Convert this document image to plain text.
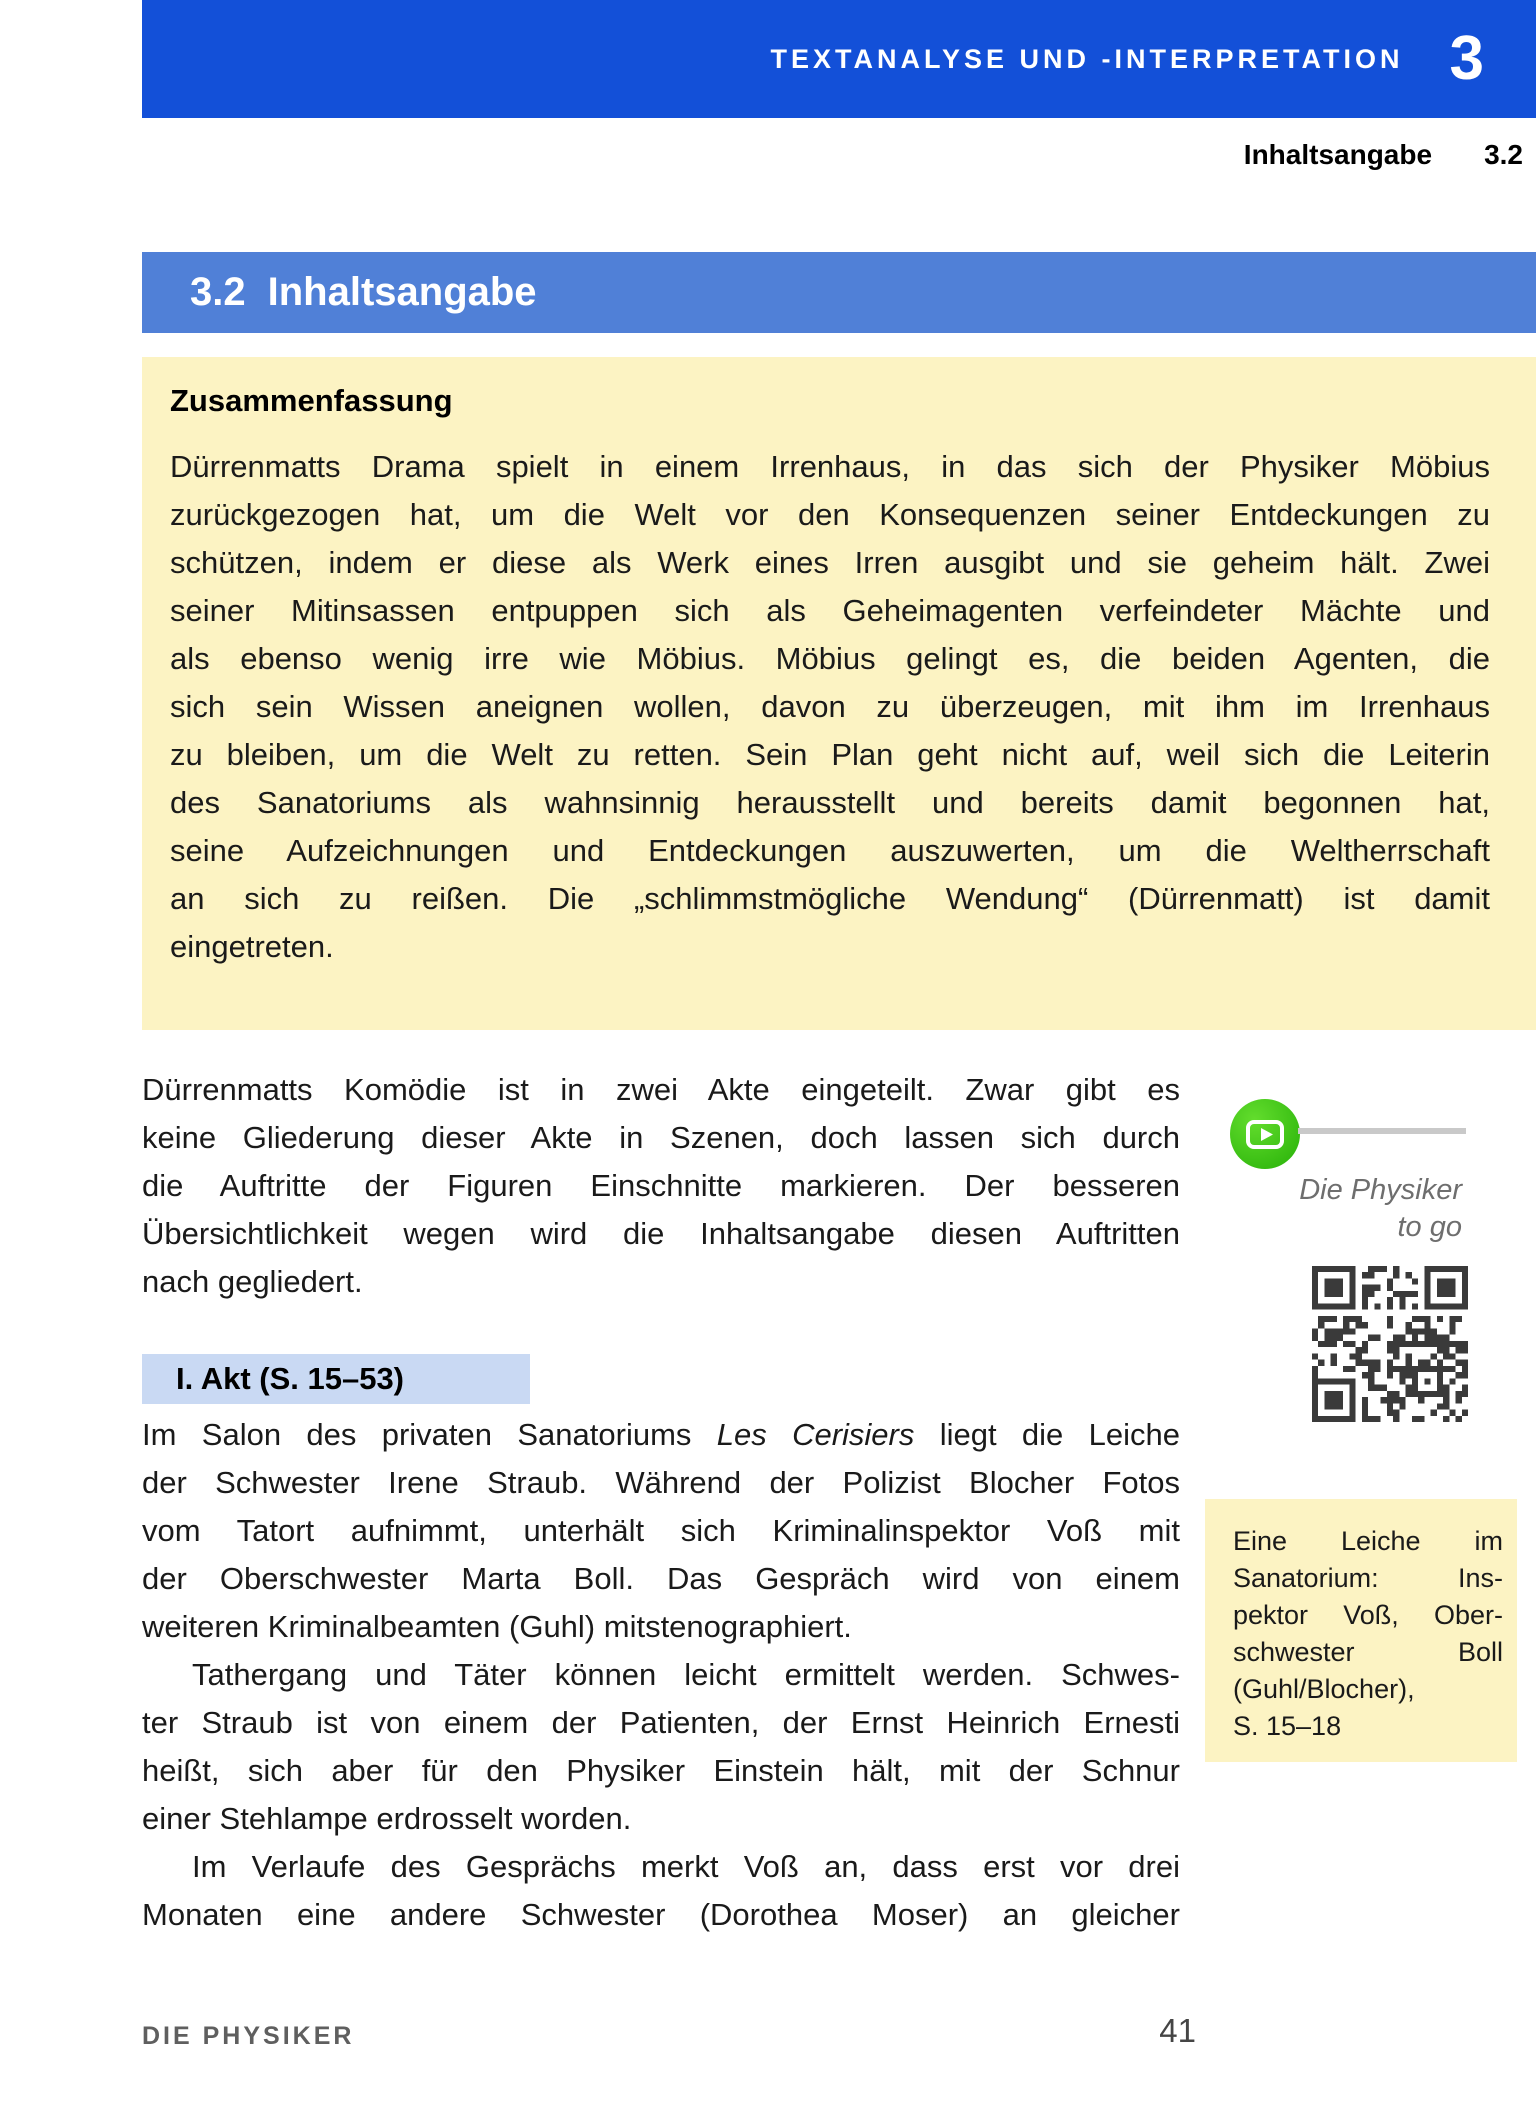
TEXTANALYSE UND -INTERPRETATION 3
Inhaltsangabe 3.2
3.2 Inhaltsangabe
Zusammenfassung
Dürrenmatts Drama spielt in einem Irrenhaus, in das sich der Physiker Möbius
zurückgezogen hat, um die Welt vor den Konsequenzen seiner Entdeckungen zu
schützen, indem er diese als Werk eines Irren ausgibt und sie geheim hält. Zwei
seiner Mitinsassen entpuppen sich als Geheimagenten verfeindeter Mächte und
als ebenso wenig irre wie Möbius. Möbius gelingt es, die beiden Agenten, die
sich sein Wissen aneignen wollen, davon zu überzeugen, mit ihm im Irrenhaus
zu bleiben, um die Welt zu retten. Sein Plan geht nicht auf, weil sich die Leiterin
des Sanatoriums als wahnsinnig herausstellt und bereits damit begonnen hat,
seine Aufzeichnungen und Entdeckungen auszuwerten, um die Weltherrschaft
an sich zu reißen. Die „schlimmstmögliche Wendung“ (Dürrenmatt) ist damit
eingetreten.
Dürrenmatts Komödie ist in zwei Akte eingeteilt. Zwar gibt es
keine Gliederung dieser Akte in Szenen, doch lassen sich durch
die Auftritte der Figuren Einschnitte markieren. Der besseren
Übersichtlichkeit wegen wird die Inhaltsangabe diesen Auftritten
nach gegliedert.
Die Physiker
to go
I. Akt (S. 15–53)
Im Salon des privaten Sanatoriums Les Cerisiers liegt die Leiche
der Schwester Irene Straub. Während der Polizist Blocher Fotos
vom Tatort aufnimmt, unterhält sich Kriminalinspektor Voß mit
der Oberschwester Marta Boll. Das Gespräch wird von einem
weiteren Kriminalbeamten (Guhl) mitstenographiert.
Tathergang und Täter können leicht ermittelt werden. Schwes-
ter Straub ist von einem der Patienten, der Ernst Heinrich Ernesti
heißt, sich aber für den Physiker Einstein hält, mit der Schnur
einer Stehlampe erdrosselt worden.
Im Verlaufe des Gesprächs merkt Voß an, dass erst vor drei
Monaten eine andere Schwester (Dorothea Moser) an gleicher
Eine Leiche im
Sanatorium: Ins-
pektor Voß, Ober-
schwester Boll
(Guhl/Blocher),
S. 15–18
DIE PHYSIKER	41
